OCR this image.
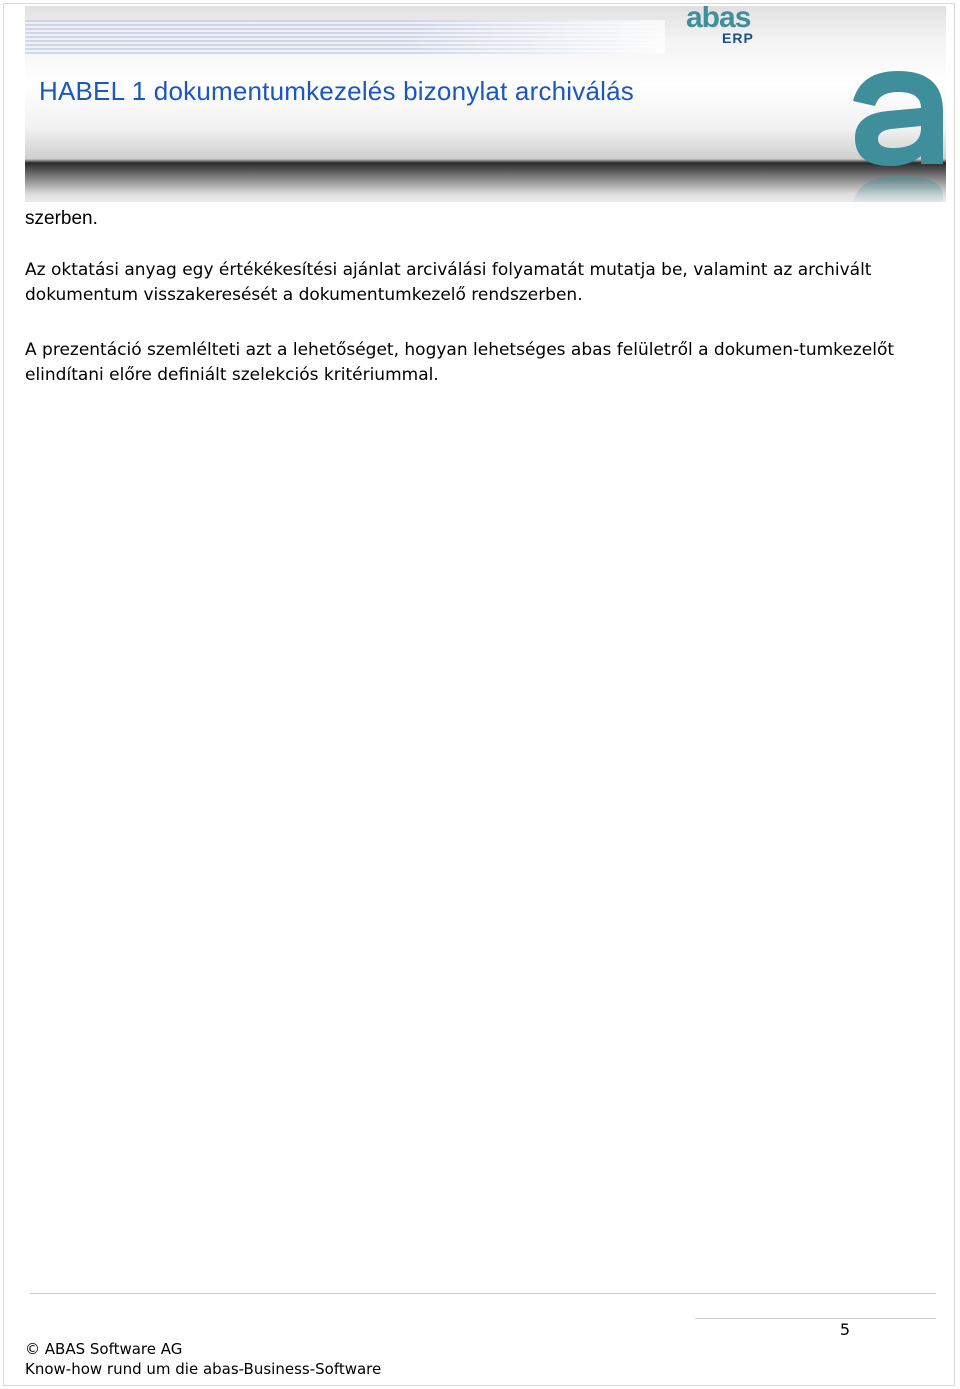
HABEL 1 dokumentumkezelés bizonylat archiválás
abas
ERP

szerben.

Az oktatási anyag egy értékékesítési ajánlat arciválási folyamatát mutatja be, valamint az archivált dokumentum visszakeresését a dokumentumkezelő rendszerben.

A prezentáció szemlélteti azt a lehetőséget, hogyan lehetséges abas felületről a dokumen-tumkezelőt elindítani előre definiált szelekciós kritériummal.

5
© ABAS Software AG
Know-how rund um die abas-Business-Software
